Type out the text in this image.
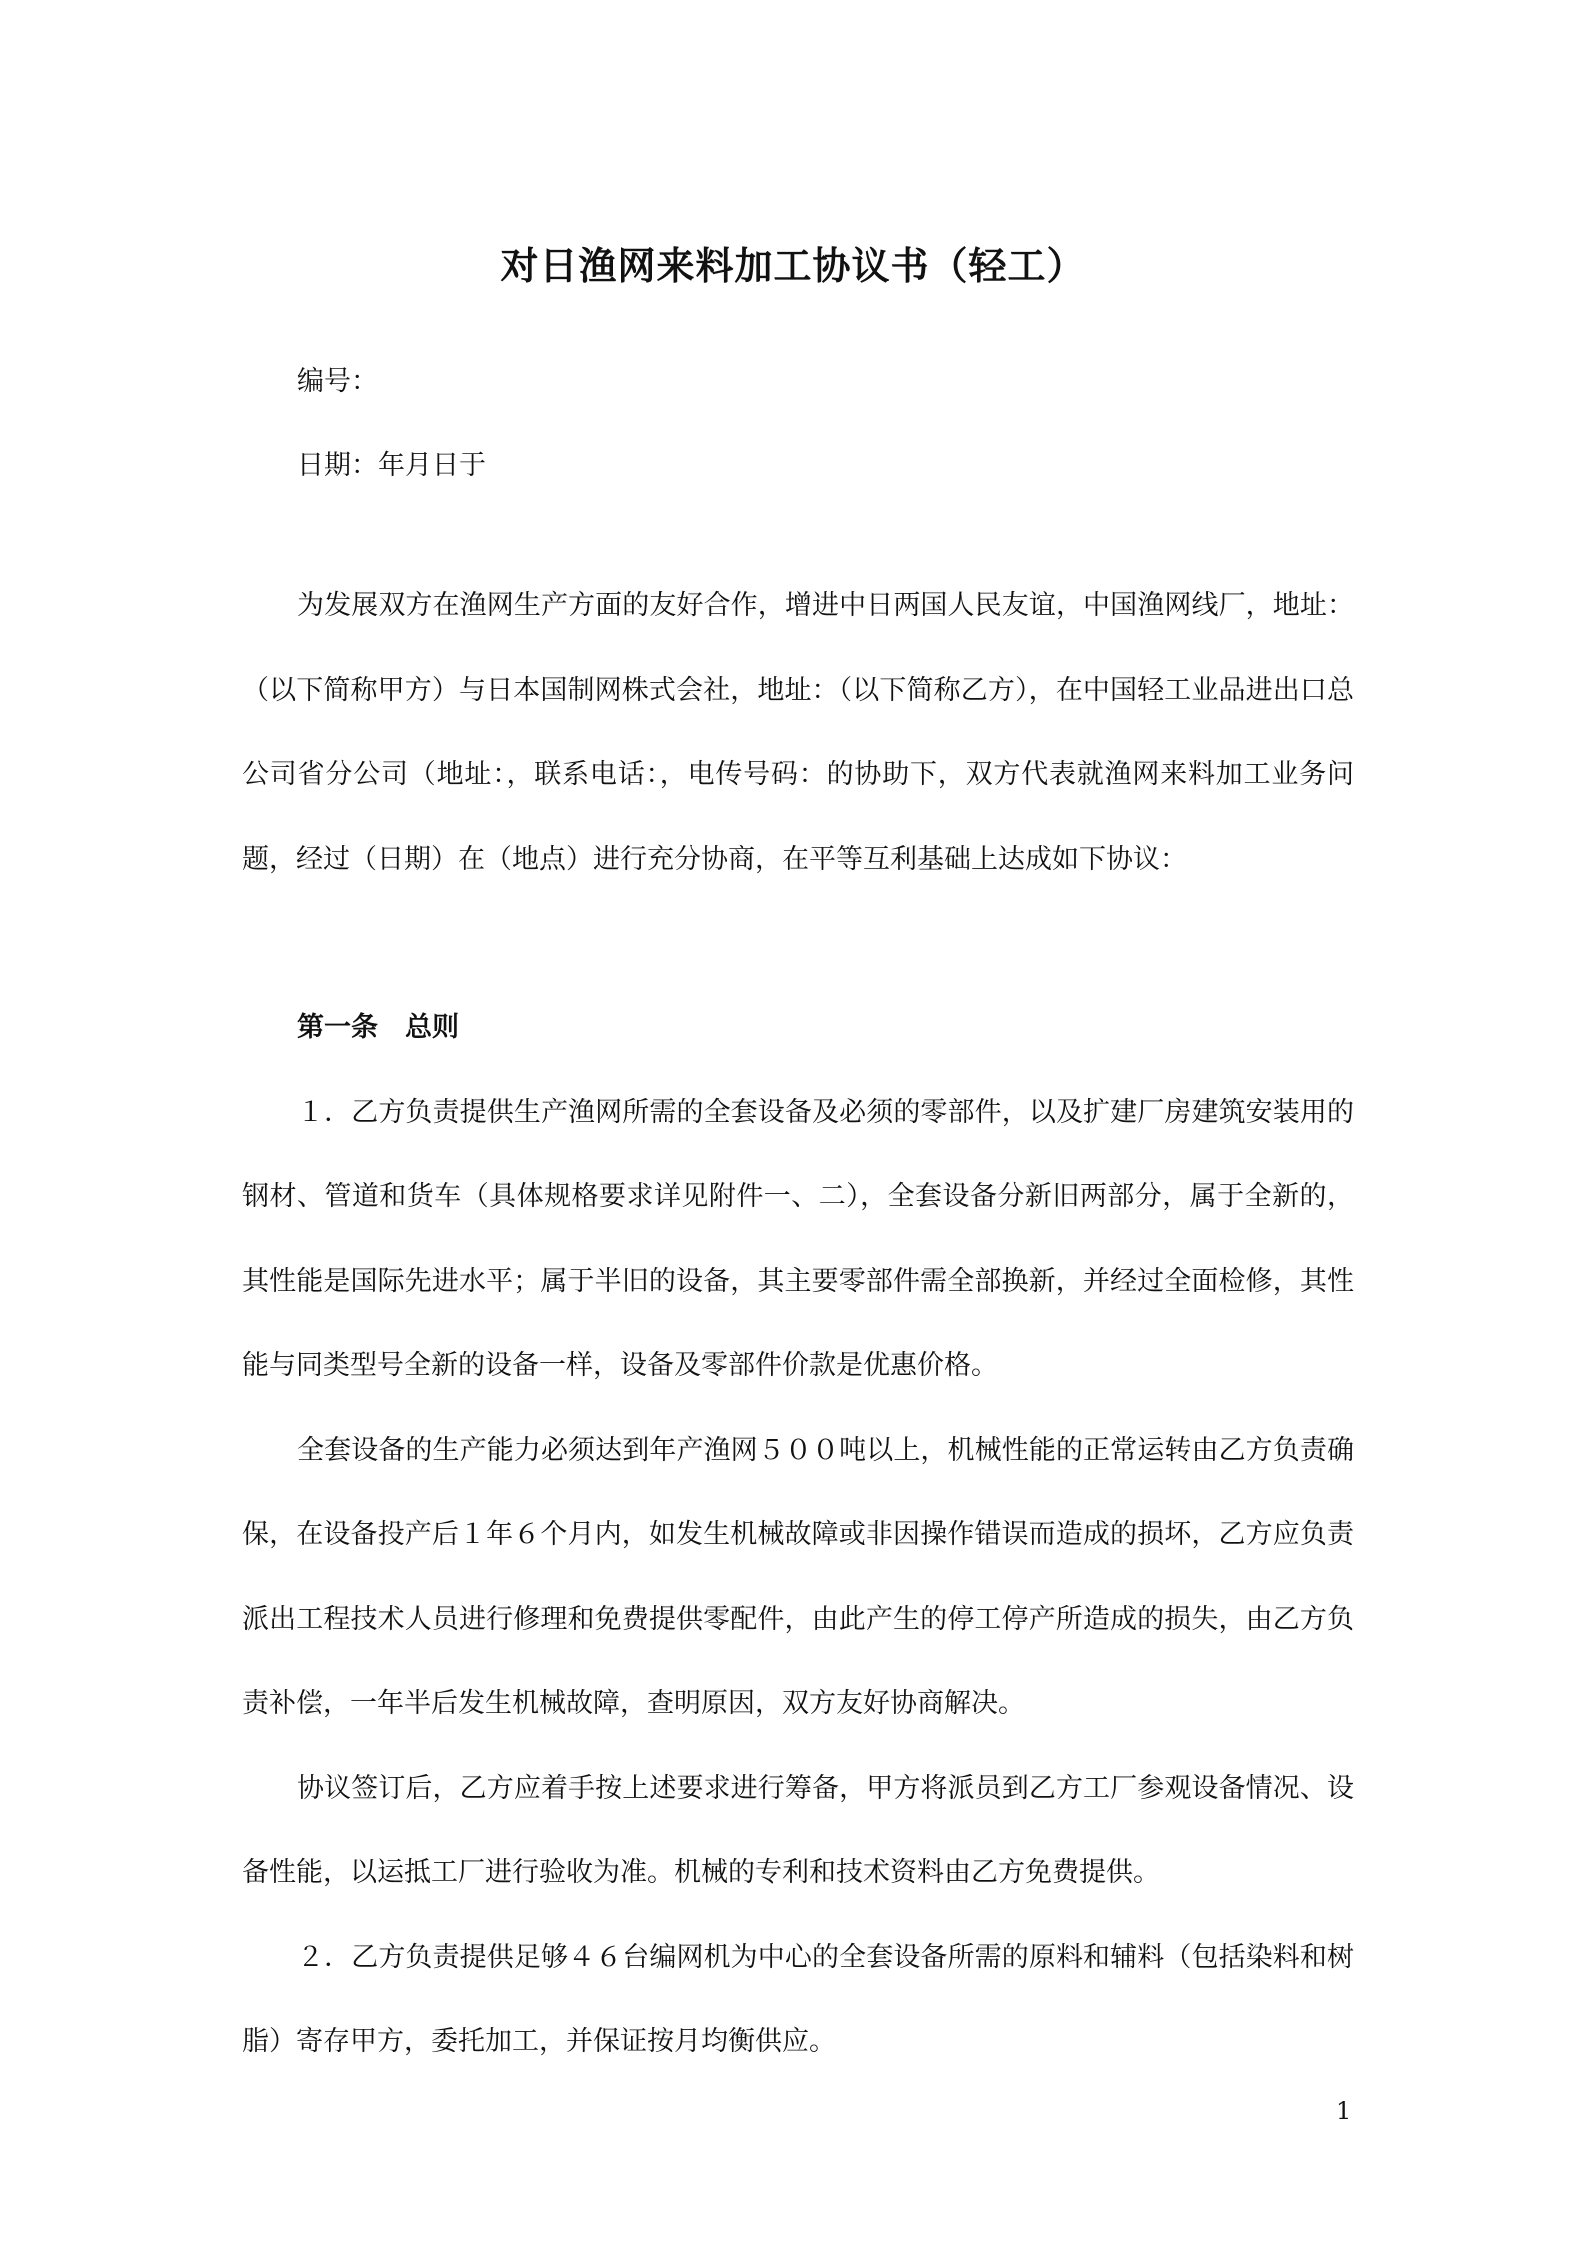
对日渔网来料加工协议书（轻工）
编号：
日期：年月日于

为发展双方在渔网生产方面的友好合作，增进中日两国人民友谊，中国渔网线厂，地址：（以下简称甲方）与日本国制网株式会社，地址：（以下简称乙方），在中国轻工业品进出口总公司省分公司（地址：，联系电话：，电传号码：的协助下，双方代表就渔网来料加工业务问题，经过（日期）在（地点）进行充分协商，在平等互利基础上达成如下协议：

第一条　总则

１．乙方负责提供生产渔网所需的全套设备及必须的零部件，以及扩建厂房建筑安装用的钢材、管道和货车（具体规格要求详见附件一、二），全套设备分新旧两部分，属于全新的，其性能是国际先进水平；属于半旧的设备，其主要零部件需全部换新，并经过全面检修，其性能与同类型号全新的设备一样，设备及零部件价款是优惠价格。

全套设备的生产能力必须达到年产渔网５００吨以上，机械性能的正常运转由乙方负责确保，在设备投产后１年６个月内，如发生机械故障或非因操作错误而造成的损坏，乙方应负责派出工程技术人员进行修理和免费提供零配件，由此产生的停工停产所造成的损失，由乙方负责补偿，一年半后发生机械故障，查明原因，双方友好协商解决。

协议签订后，乙方应着手按上述要求进行筹备，甲方将派员到乙方工厂参观设备情况、设备性能，以运抵工厂进行验收为准。机械的专利和技术资料由乙方免费提供。

２．乙方负责提供足够４６台编网机为中心的全套设备所需的原料和辅料（包括染料和树脂）寄存甲方，委托加工，并保证按月均衡供应。

1
